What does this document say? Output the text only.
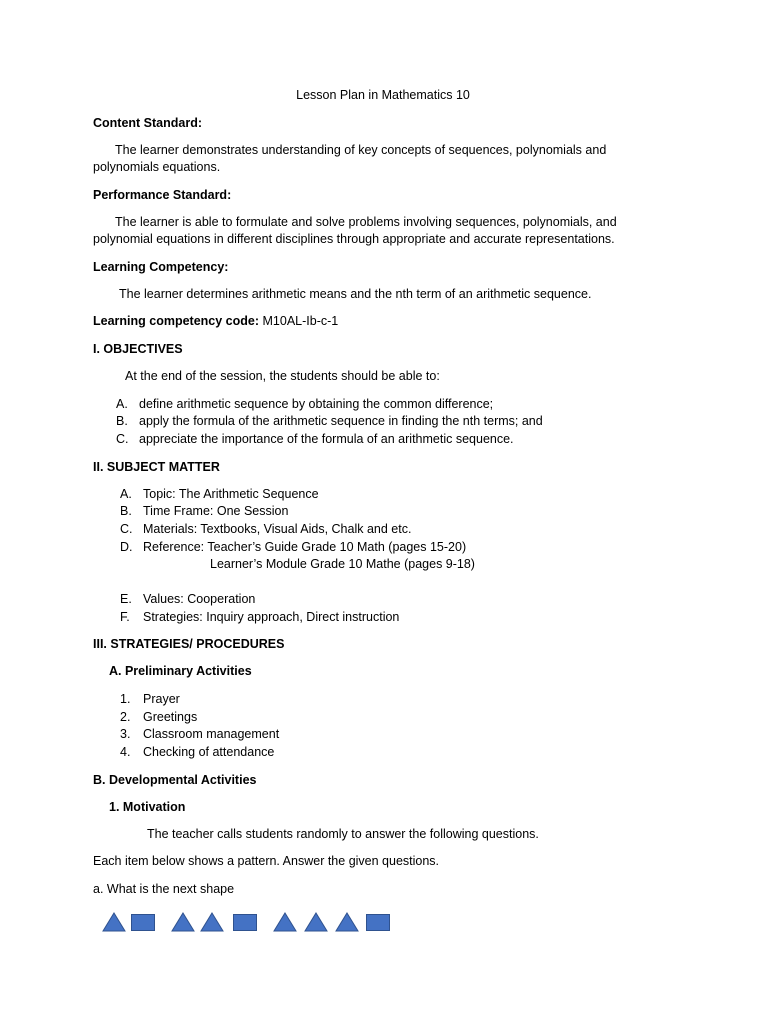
Lesson Plan in Mathematics 10
Content Standard:
The learner demonstrates understanding of key concepts of sequences, polynomials and
polynomials equations.
Performance Standard:
The learner is able to formulate and solve problems involving sequences, polynomials, and
polynomial equations in different disciplines through appropriate and accurate representations.
Learning Competency:
The learner determines arithmetic means and the nth term of an arithmetic sequence.
Learning competency code: M10AL-Ib-c-1
I. OBJECTIVES
At the end of the session, the students should be able to:
A. define arithmetic sequence by obtaining the common difference;
B. apply the formula of the arithmetic sequence in finding the nth terms; and
C. appreciate the importance of the formula of an arithmetic sequence.
II. SUBJECT MATTER
A. Topic: The Arithmetic Sequence
B. Time Frame: One Session
C. Materials: Textbooks, Visual Aids, Chalk and etc.
D. Reference: Teacher’s Guide Grade 10 Math (pages 15-20)
Learner’s Module Grade 10 Mathe (pages 9-18)
E. Values: Cooperation
F. Strategies: Inquiry approach, Direct instruction
III. STRATEGIES/ PROCEDURES
A. Preliminary Activities
1. Prayer
2. Greetings
3. Classroom management
4. Checking of attendance
B. Developmental Activities
1. Motivation
The teacher calls students randomly to answer the following questions.
Each item below shows a pattern. Answer the given questions.
a. What is the next shape
